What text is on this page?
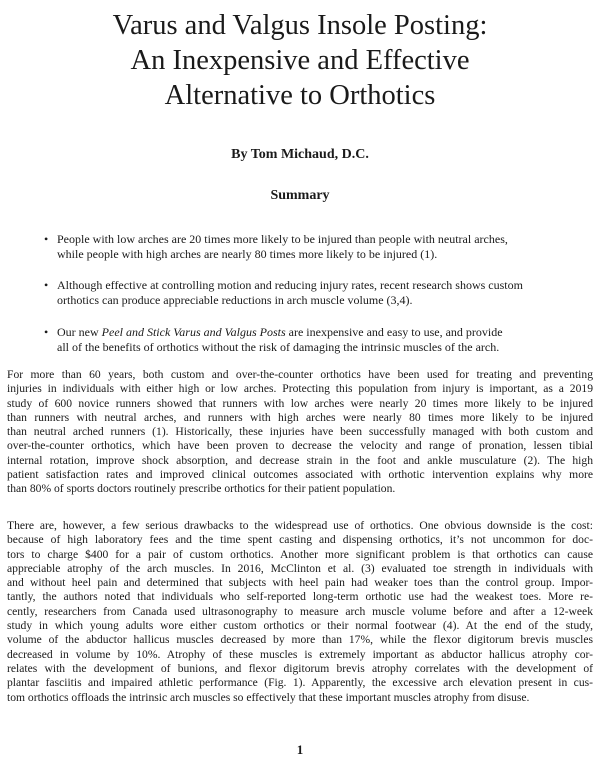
Varus and Valgus Insole Posting:
An Inexpensive and Effective
Alternative to Orthotics
By Tom Michaud, D.C.
Summary
• People with low arches are 20 times more likely to be injured than people with neutral arches,
while people with high arches are nearly 80 times more likely to be injured (1).
• Although effective at controlling motion and reducing injury rates, recent research shows custom
orthotics can produce appreciable reductions in arch muscle volume (3,4).
• Our new Peel and Stick Varus and Valgus Posts are inexpensive and easy to use, and provide
all of the benefits of orthotics without the risk of damaging the intrinsic muscles of the arch.

For more than 60 years, both custom and over-the-counter orthotics have been used for treating and preventing
injuries in individuals with either high or low arches. Protecting this population from injury is important, as a 2019
study of 600 novice runners showed that runners with low arches were nearly 20 times more likely to be injured
than runners with neutral arches, and runners with high arches were nearly 80 times more likely to be injured
than neutral arched runners (1). Historically, these injuries have been successfully managed with both custom and
over-the-counter orthotics, which have been proven to decrease the velocity and range of pronation, lessen tibial
internal rotation, improve shock absorption, and decrease strain in the foot and ankle musculature (2). The high
patient satisfaction rates and improved clinical outcomes associated with orthotic intervention explains why more
than 80% of sports doctors routinely prescribe orthotics for their patient population.

There are, however, a few serious drawbacks to the widespread use of orthotics. One obvious downside is the cost:
because of high laboratory fees and the time spent casting and dispensing orthotics, it’s not uncommon for doc-
tors to charge $400 for a pair of custom orthotics. Another more significant problem is that orthotics can cause
appreciable atrophy of the arch muscles. In 2016, McClinton et al. (3) evaluated toe strength in individuals with
and without heel pain and determined that subjects with heel pain had weaker toes than the control group. Impor-
tantly, the authors noted that individuals who self-reported long-term orthotic use had the weakest toes. More re-
cently, researchers from Canada used ultrasonography to measure arch muscle volume before and after a 12-week
study in which young adults wore either custom orthotics or their normal footwear (4). At the end of the study,
volume of the abductor hallicus muscles decreased by more than 17%, while the flexor digitorum brevis muscles
decreased in volume by 10%. Atrophy of these muscles is extremely important as abductor hallicus atrophy cor-
relates with the development of bunions, and flexor digitorum brevis atrophy correlates with the development of
plantar fasciitis and impaired athletic performance (Fig. 1). Apparently, the excessive arch elevation present in cus-
tom orthotics offloads the intrinsic arch muscles so effectively that these important muscles atrophy from disuse.

1
